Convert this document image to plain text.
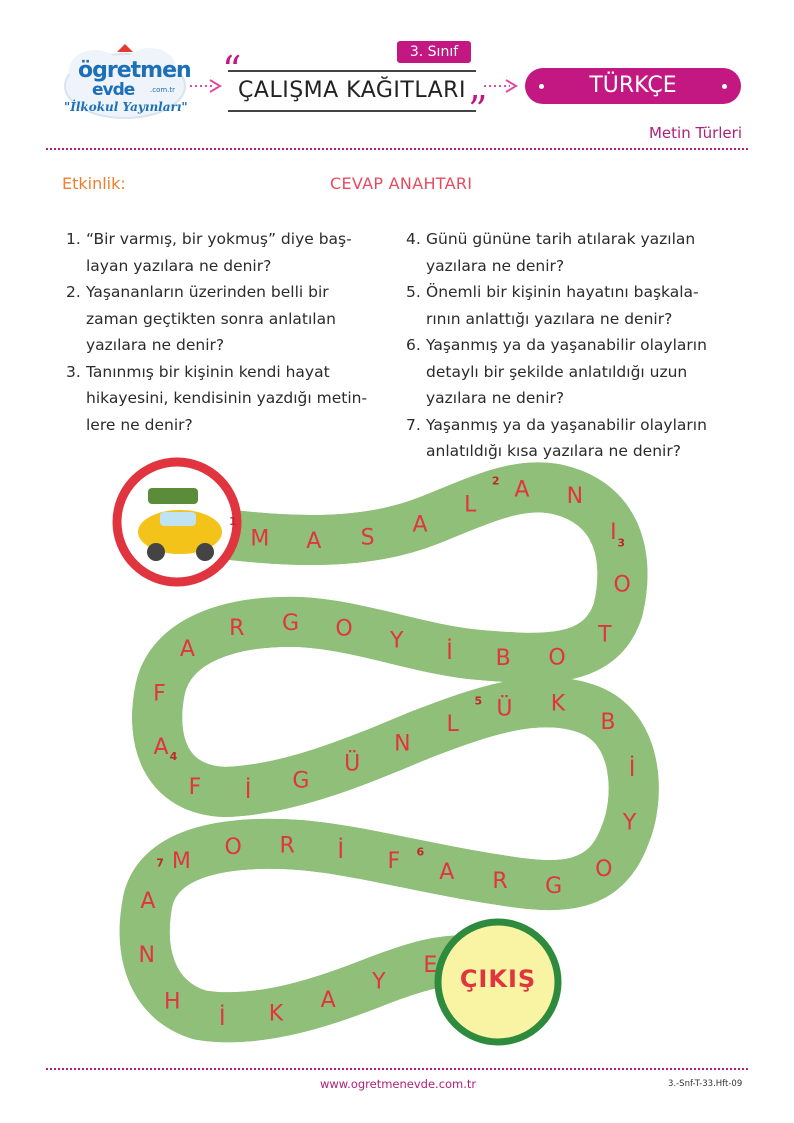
M A S
A
L
A N
I
O
T
O
B
İ
Y
O
G
R
A
F
A
F İ G
Ü
N
L
Ü K
B
İ
Y
O
G
R
A
F
İ
R
O
M
A
N
H
İ K
A
Y
E
1
2
3
4
5
6
7
ögretmen
evde .com.tr
"İlkokul Yayınları"
3. Sınıf
“
ÇALIŞMA KAĞITLARI ”
TÜRKÇE
Metin Türleri
Etkinlik:	CEVAP ANAHTARI
1. “Bir varmış, bir yokmuş” diye baş-
layan yazılara ne denir?
2. Yaşananların üzerinden belli bir
zaman geçtikten sonra anlatılan
yazılara ne denir?
3. Tanınmış bir kişinin kendi hayat
hikayesini, kendisinin yazdığı metin-
lere ne denir?
4. Günü gününe tarih atılarak yazılan
yazılara ne denir?
5. Önemli bir kişinin hayatını başkala-
rının anlattığı yazılara ne denir?
6. Yaşanmış ya da yaşanabilir olayların
detaylı bir şekilde anlatıldığı uzun
yazılara ne denir?
7. Yaşanmış ya da yaşanabilir olayların
anlatıldığı kısa yazılara ne denir?
ÇIKIŞ
www.ogretmenevde.com.tr	3.-Snf-T-33.Hft-09
